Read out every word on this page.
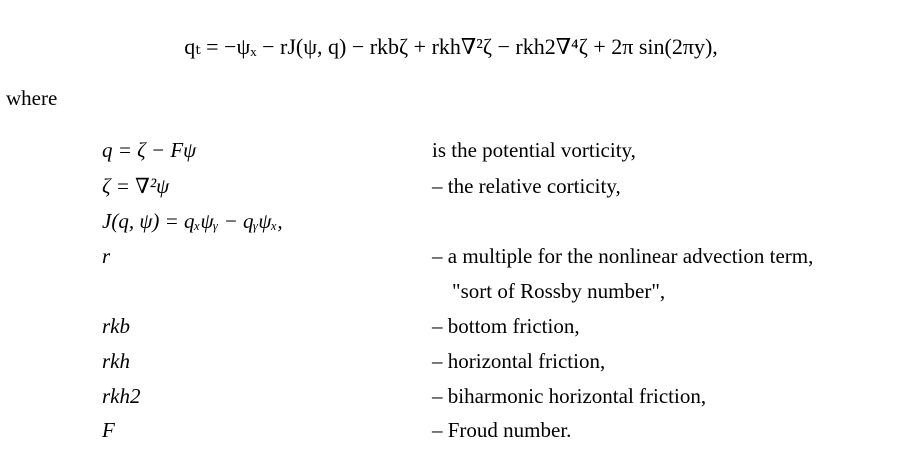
qₜ = −ψₓ − rJ(ψ, q) − rkbζ + rkh∇²ζ − rkh2∇⁴ζ + 2π sin(2πy),
where
q = ζ − Fψ	is the potential vorticity,
ζ = ∇²ψ	– the relative corticity,
J(q, ψ) = qₓψᵧ − qᵧψₓ,
r	– a multiple for the nonlinear advection term,
"sort of Rossby number",
rkb	– bottom friction,
rkh	– horizontal friction,
rkh2	– biharmonic horizontal friction,
F	– Froud number.
